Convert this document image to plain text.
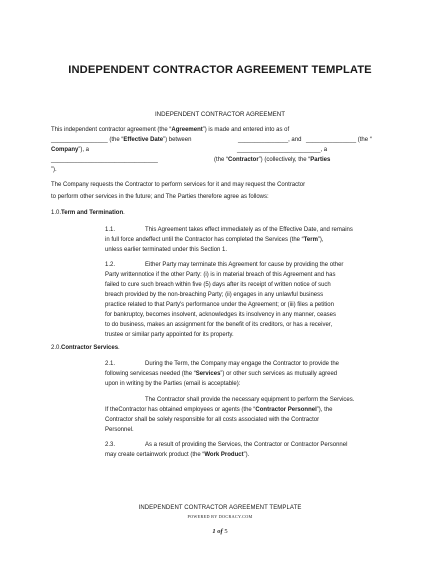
INDEPENDENT CONTRACTOR AGREEMENT TEMPLATE
INDEPENDENT CONTRACTOR AGREEMENT
This independent contractor agreement (the “Agreement”) is made and entered into as of
_________________ (the “Effective Date”) between	_______________, and _______________ (the “
Company”), a	_________________________, a
________________________________	(the “Contractor”) (collectively, the “Parties
”).
The Company requests the Contractor to perform services for it and may request the Contractor
to perform other services in the future; and The Parties therefore agree as follows:
1.0.Term and Termination.
1.1.	This Agreement takes effect immediately as of the Effective Date, and remains
in full force andeffect until the Contractor has completed the Services (the “Term”),
unless earlier terminated under this Section 1.
1.2.	Either Party may terminate this Agreement for cause by providing the other
Party writtennotice if the other Party: (i) is in material breach of this Agreement and has
failed to cure such breach within five (5) days after its receipt of written notice of such
breach provided by the non-breaching Party; (ii) engages in any unlawful business
practice related to that Party's performance under the Agreement; or (iii) files a petition
for bankruptcy, becomes insolvent, acknowledges its insolvency in any manner, ceases
to do business, makes an assignment for the benefit of its creditors, or has a receiver,
trustee or similar party appointed for its property.
2.0.Contractor Services.
2.1.	During the Term, the Company may engage the Contractor to provide the
following servicesas needed (the “Services”) or other such services as mutually agreed
upon in writing by the Parties (email is acceptable):
The Contractor shall provide the necessary equipment to perform the Services.
If theContractor has obtained employees or agents (the “Contractor Personnel”), the
Contractor shall be solely responsible for all costs associated with the Contractor
Personnel.
2.3.	As a result of providing the Services, the Contractor or Contractor Personnel
may create certainwork product (the “Work Product”).
INDEPENDENT CONTRACTOR AGREEMENT TEMPLATE
POWERED BY DOCRACY.COM
1 of 5
